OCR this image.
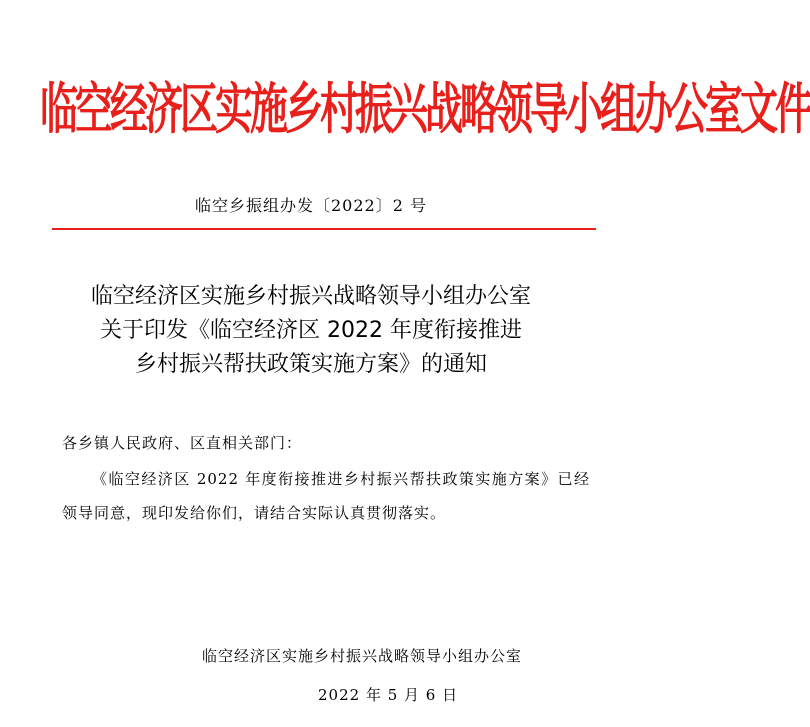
临空经济区实施乡村振兴战略领导小组办公室文件
临空乡振组办发〔2022〕2 号
临空经济区实施乡村振兴战略领导小组办公室
关于印发《临空经济区 2022 年度衔接推进
乡村振兴帮扶政策实施方案》的通知
各乡镇人民政府、区直相关部门：
《临空经济区 2022 年度衔接推进乡村振兴帮扶政策实施方案》已经领导同意，现印发给你们，请结合实际认真贯彻落实。
临空经济区实施乡村振兴战略领导小组办公室
2022 年 5 月 6 日
